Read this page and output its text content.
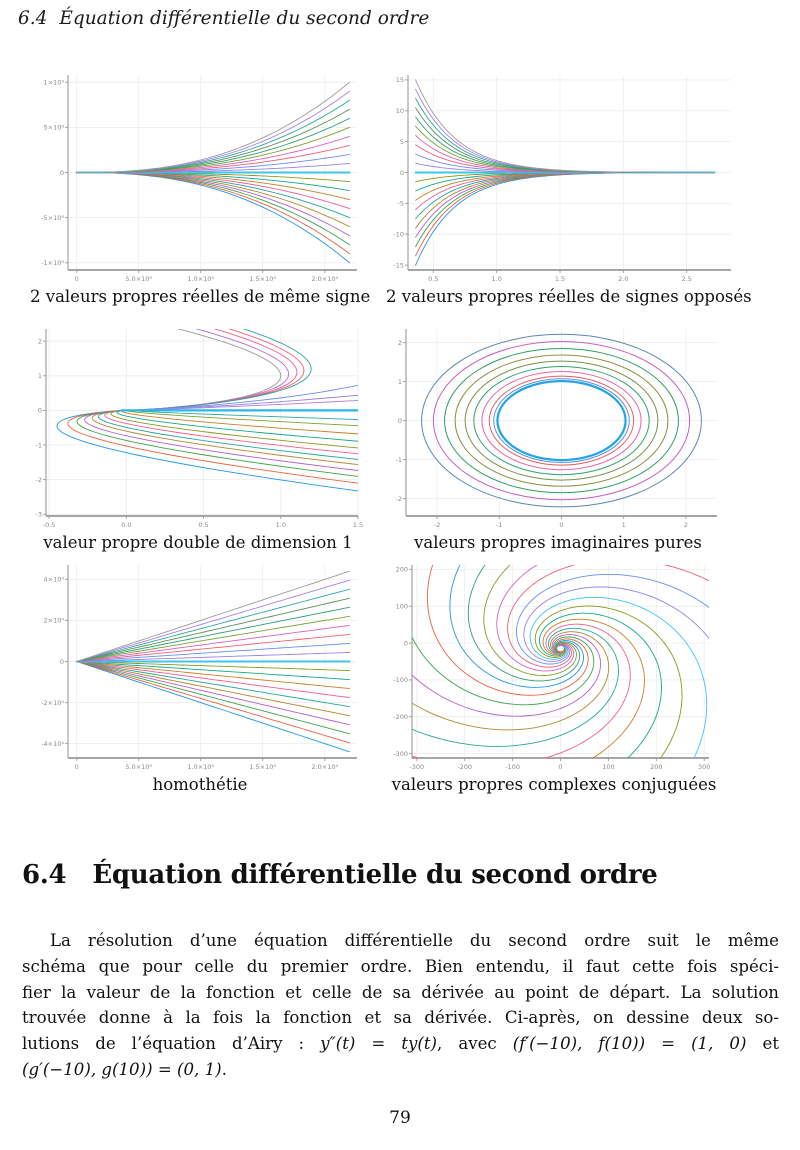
6.4 Équation différentielle du second ordre
0	5.0×10³	1.0×10⁴	1.5×10⁴	2.0×10⁴
-1×10⁹
-5×10⁸
0
5×10⁸
1×10⁹
2 valeurs propres réelles de même signe
0.5	1.0	1.5	2.0	2.5
-15
-10
-5
0
5
10
15
2 valeurs propres réelles de signes opposés
-0.5	0.0	0.5	1.0	1.5
-3
-2
-1
0
1
2
valeur propre double de dimension 1
-2	-1	0	1	2
-2
-1
0
1
2
valeurs propres imaginaires pures
0	5.0×10³	1.0×10⁴	1.5×10⁴	2.0×10⁴
-4×10⁴
-2×10⁴
0
2×10⁴
4×10⁴
homothétie
-300	-200	-100	0	100	200	300
-300
-200
-100
0
100
200
valeurs propres complexes conjuguées
6.4 Équation différentielle du second ordre
La résolution d’une équation différentielle du second ordre suit le même
schéma que pour celle du premier ordre. Bien entendu, il faut cette fois spéci-
fier la valeur de la fonction et celle de sa dérivée au point de départ. La solution
trouvée donne à la fois la fonction et sa dérivée. Ci-après, on dessine deux so-
lutions de l’équation d’Airy : y″(t) = ty(t), avec (f′(−10), f(10)) = (1, 0) et
(g′(−10), g(10)) = (0, 1).
79
